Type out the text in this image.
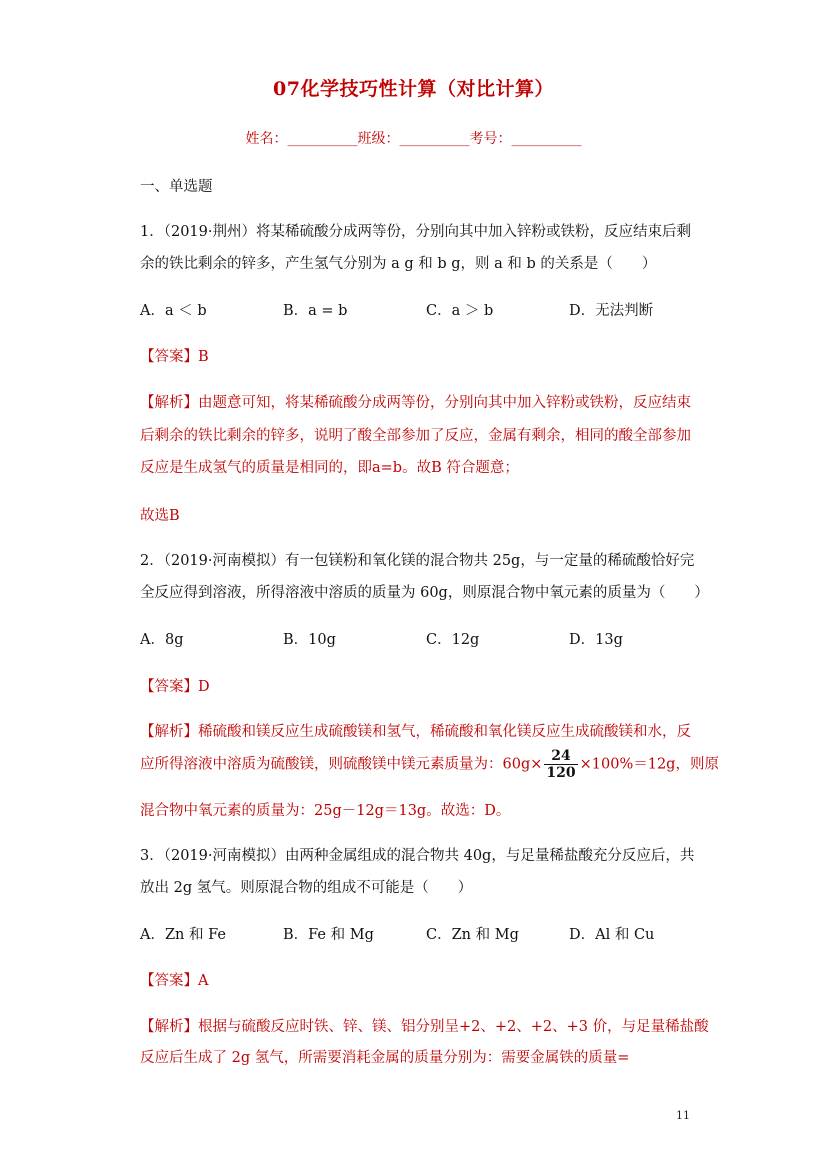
07化学技巧性计算（对比计算）
姓名：__________班级：__________考号：__________
一、单选题
1．（2019·荆州）将某稀硫酸分成两等份，分别向其中加入锌粉或铁粉，反应结束后剩
余的铁比剩余的锌多，产生氢气分别为 a g 和 b g，则 a 和 b 的关系是（　　）
A．a ＜ b	B．a = b	C．a ＞ b	D．无法判断
【答案】B
【解析】由题意可知，将某稀硫酸分成两等份，分别向其中加入锌粉或铁粉，反应结束
后剩余的铁比剩余的锌多，说明了酸全部参加了反应，金属有剩余，相同的酸全部参加
反应是生成氢气的质量是相同的，即a=b。故B 符合题意；
故选B
2．（2019·河南模拟）有一包镁粉和氧化镁的混合物共 25g，与一定量的稀硫酸恰好完
全反应得到溶液，所得溶液中溶质的质量为 60g，则原混合物中氧元素的质量为（　　）
A．8g	B．10g	C．12g	D．13g
【答案】D
【解析】稀硫酸和镁反应生成硫酸镁和氢气，稀硫酸和氧化镁反应生成硫酸镁和水，反
应所得溶液中溶质为硫酸镁，则硫酸镁中镁元素质量为：$60g\times \frac{24}{120} \times 100\%=12g$，则原
混合物中氧元素的质量为：25g－12g＝13g。故选：D。
3．（2019·河南模拟）由两种金属组成的混合物共 40g，与足量稀盐酸充分反应后，共
放出 2g 氢气。则原混合物的组成不可能是（　　）
A．Zn 和 Fe	B．Fe 和 Mg	C．Zn 和 Mg	D．Al 和 Cu
【答案】A
【解析】根据与硫酸反应时铁、锌、镁、铝分别呈+2、+2、+2、+3 价，与足量稀盐酸
反应后生成了 2g 氢气，所需要消耗金属的质量分别为：需要金属铁的质量=
11
